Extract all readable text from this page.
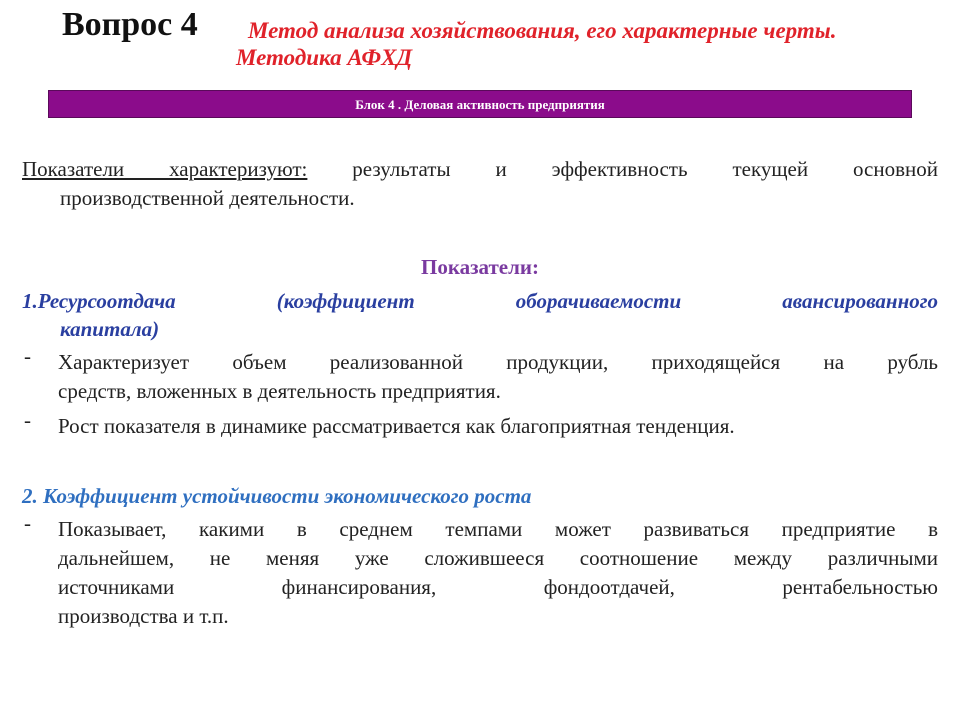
Вопрос 4 Метод анализа хозяйствования, его характерные черты.
Методика АФХД
Блок 4 . Деловая активность предприятия
Показатели характеризуют: результаты и эффективность текущей основной
производственной деятельности.
Показатели:
1.Ресурсоотдача (коэффициент оборачиваемости авансированного
капитала)
- Характеризует объем реализованной продукции, приходящейся на рубль
средств, вложенных в деятельность предприятия.
- Рост показателя в динамике рассматривается как благоприятная тенденция.
2. Коэффициент устойчивости экономического роста
- Показывает, какими в среднем темпами может развиваться предприятие в
дальнейшем, не меняя уже сложившееся соотношение между различными
источниками финансирования, фондоотдачей, рентабельностью
производства и т.п.
